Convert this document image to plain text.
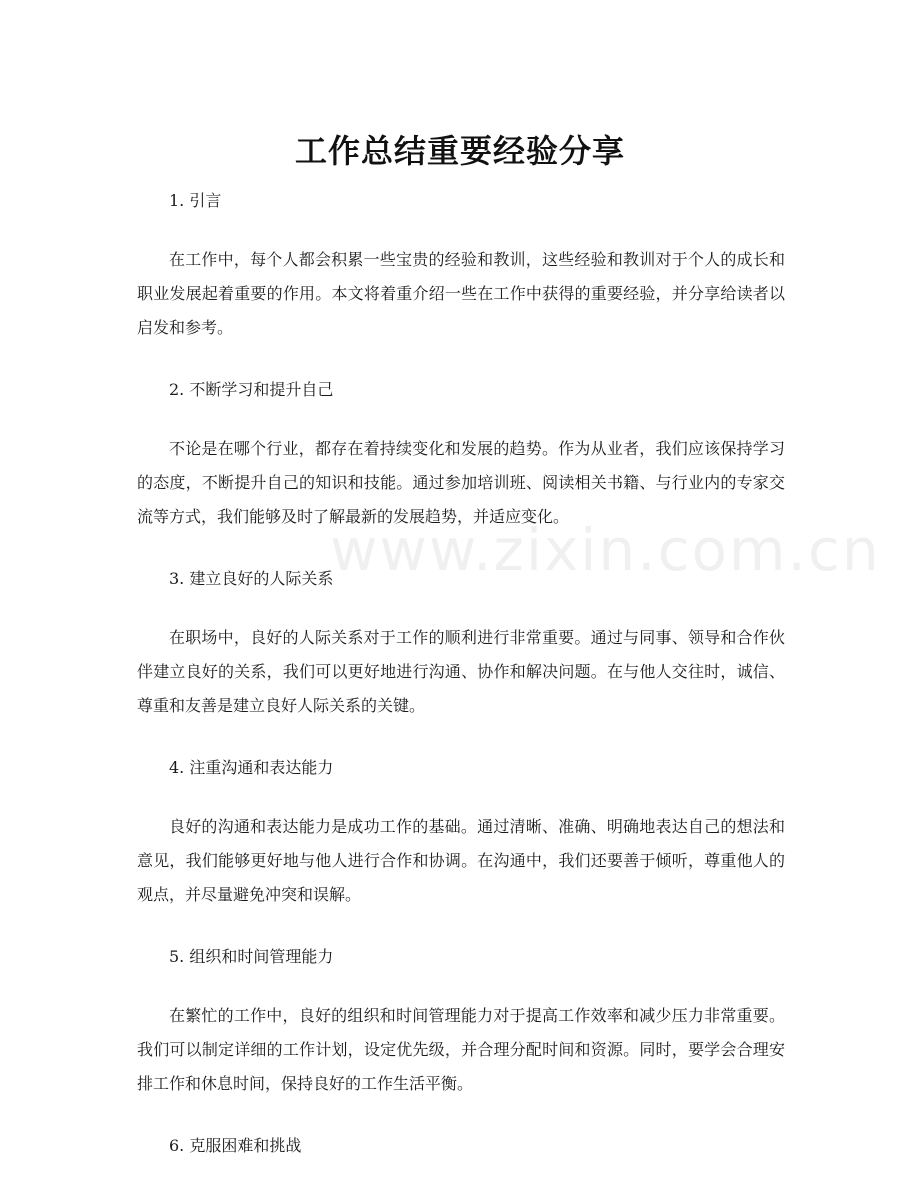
www.zixin.com.cn
工作总结重要经验分享
1. 引言

在工作中，每个人都会积累一些宝贵的经验和教训，这些经验和教训对于个人的成长和职业发展起着重要的作用。本文将着重介绍一些在工作中获得的重要经验，并分享给读者以启发和参考。

2. 不断学习和提升自己

不论是在哪个行业，都存在着持续变化和发展的趋势。作为从业者，我们应该保持学习的态度，不断提升自己的知识和技能。通过参加培训班、阅读相关书籍、与行业内的专家交流等方式，我们能够及时了解最新的发展趋势，并适应变化。

3. 建立良好的人际关系

在职场中，良好的人际关系对于工作的顺利进行非常重要。通过与同事、领导和合作伙伴建立良好的关系，我们可以更好地进行沟通、协作和解决问题。在与他人交往时，诚信、尊重和友善是建立良好人际关系的关键。

4. 注重沟通和表达能力

良好的沟通和表达能力是成功工作的基础。通过清晰、准确、明确地表达自己的想法和意见，我们能够更好地与他人进行合作和协调。在沟通中，我们还要善于倾听，尊重他人的观点，并尽量避免冲突和误解。

5. 组织和时间管理能力

在繁忙的工作中，良好的组织和时间管理能力对于提高工作效率和减少压力非常重要。我们可以制定详细的工作计划，设定优先级，并合理分配时间和资源。同时，要学会合理安排工作和休息时间，保持良好的工作生活平衡。

6. 克服困难和挑战
